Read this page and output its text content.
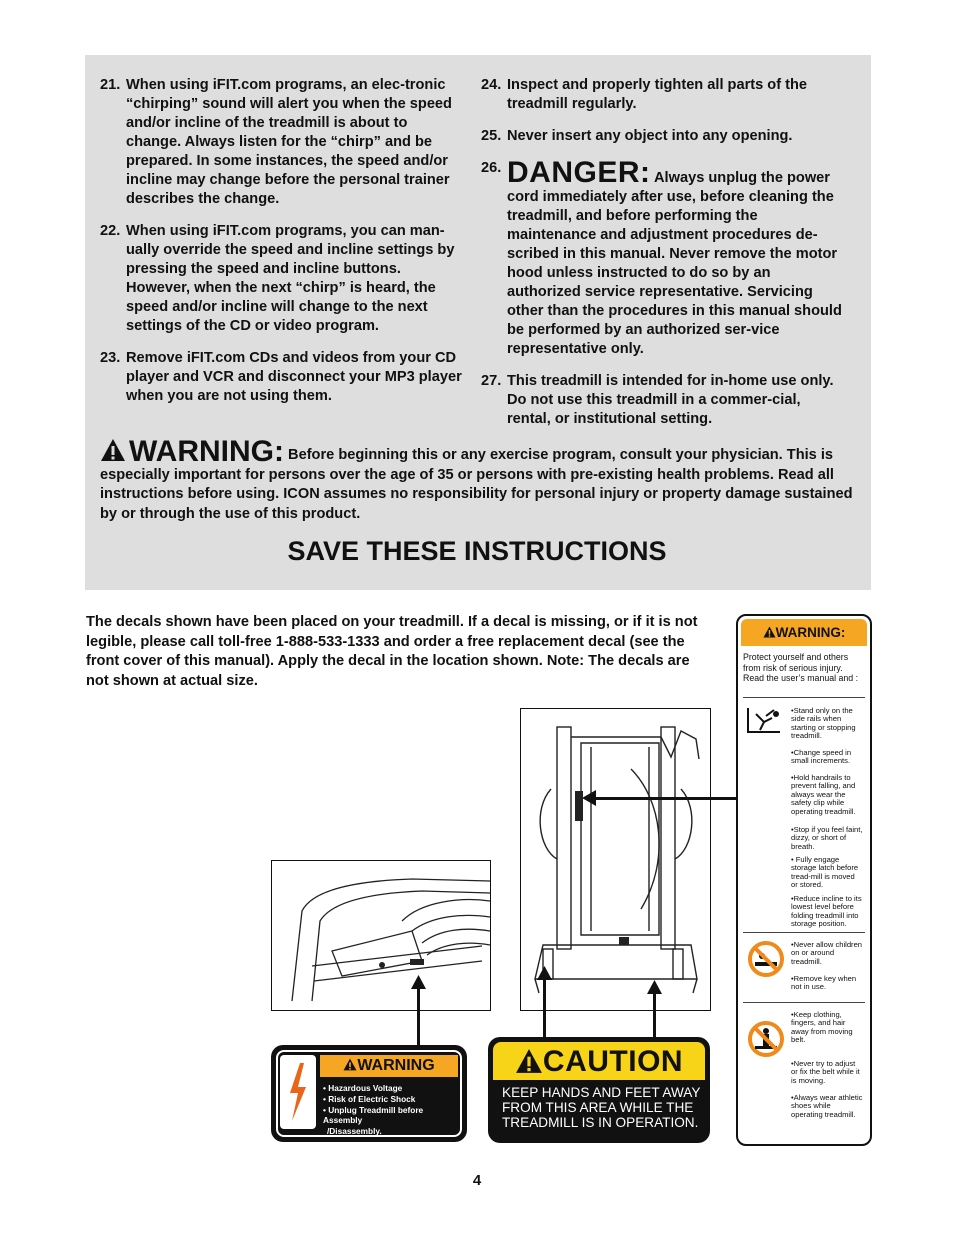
21. When using iFIT.com programs, an elec-tronic “chirping” sound will alert you when the speed and/or incline of the treadmill is about to change. Always listen for the “chirp” and be prepared. In some instances, the speed and/or incline may change before the personal trainer describes the change.
22. When using iFIT.com programs, you can man-ually override the speed and incline settings by pressing the speed and incline buttons. However, when the next “chirp” is heard, the speed and/or incline will change to the next settings of the CD or video program.
23. Remove iFIT.com CDs and videos from your CD player and VCR and disconnect your MP3 player when you are not using them.
24. Inspect and properly tighten all parts of the treadmill regularly.
25. Never insert any object into any opening.
26. DANGER: Always unplug the power cord immediately after use, before cleaning the treadmill, and before performing the maintenance and adjustment procedures de-scribed in this manual. Never remove the motor hood unless instructed to do so by an authorized service representative. Servicing other than the procedures in this manual should be performed by an authorized ser-vice representative only.
27. This treadmill is intended for in-home use only. Do not use this treadmill in a commer-cial, rental, or institutional setting.
WARNING: Before beginning this or any exercise program, consult your physician. This is especially important for persons over the age of 35 or persons with pre-existing health problems. Read all instructions before using. ICON assumes no responsibility for personal injury or property damage sustained by or through the use of this product.
SAVE THESE INSTRUCTIONS
The decals shown have been placed on your treadmill. If a decal is missing, or if it is not legible, please call toll-free 1-888-533-1333 and order a free replacement decal (see the front cover of this manual). Apply the decal in the location shown. Note: The decals are not shown at actual size.
WARNING:
Protect yourself and others from risk of serious injury. Read the user’s manual and :
•Stand only on the side rails when starting or stopping treadmill.
•Change speed in small increments.
•Hold handrails to prevent falling, and always wear the safety clip while operating treadmill.
•Stop if you feel faint, dizzy, or short of breath.
• Fully engage storage latch before tread-mill is moved or stored.
•Reduce incline to its lowest level before folding treadmill into storage position.
•Never allow children on or around treadmill.
•Remove key when not in use.
•Keep clothing, fingers, and hair away from moving belt.
•Never try to adjust or fix the belt while it is moving.
•Always wear athletic shoes while operating treadmill.
WARNING
• Hazardous Voltage
• Risk of Electric Shock
• Unplug Treadmill before Assembly
/Disassembly.
CAUTION
KEEP HANDS AND FEET AWAY FROM THIS AREA WHILE THE TREADMILL IS IN OPERATION.
4
